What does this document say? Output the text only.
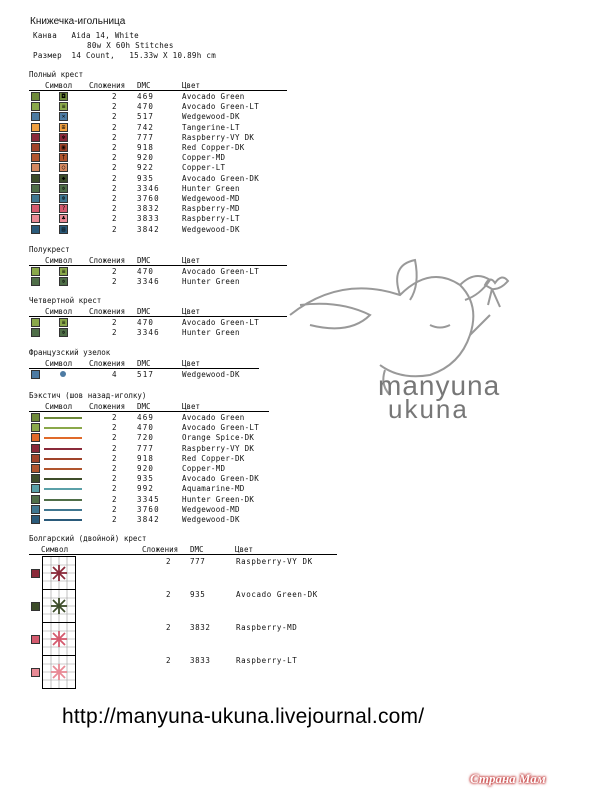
Книжечка-игольница
Канва Aida 14, White
80w X 60h Stitches
Размер 14 Count,   15.33w X 10.89h cm
manyuna
ukuna
Полный крест
Символ Сложения DMC	Цвет
◘	2	469	Avocado Green
≡	2	470	Avocado Green-LT
✕	2	517	Wedgewood-DK
⊞	2	742	Tangerine-LT
✻	2	777	Raspberry-VY DK
▣	2	918	Red Copper-DK
†	2	920	Copper-MD
○	2	922	Copper-LT
◆	2	935	Avocado Green-DK
✲	2	3346	Hunter Green
⊗	2	3760	Wedgewood-MD
?	2	3832	Raspberry-MD
♣	2	3833	Raspberry-LT
▤	2	3842	Wedgewood-DK
Полукрест
Символ Сложения DMC	Цвет
≡	2	470	Avocado Green-LT
✲	2	3346	Hunter Green
Четвертной крест
Символ Сложения DMC	Цвет
≡	2	470	Avocado Green-LT
✲	2	3346	Hunter Green
Французский узелок
Символ Сложения DMC	Цвет
4	517	Wedgewood-DK
Бэкстич (шов назад-иголку)
Символ Сложения DMC	Цвет
2	469	Avocado Green
2	470	Avocado Green-LT
2	720	Orange Spice-DK
2	777	Raspberry-VY DK
2	918	Red Copper-DK
2	920	Copper-MD
2	935	Avocado Green-DK
2	992	Aquamarine-MD
2	3345	Hunter Green-DK
2	3760	Wedgewood-MD
2	3842	Wedgewood-DK
Болгарский (двойной) крест
Символ	Сложения DMC	Цвет
2	777	Raspberry-VY DK
2	935	Avocado Green-DK
2	3832	Raspberry-MD
2	3833	Raspberry-LT
http://manyuna-ukuna.livejournal.com/
Страна Мам
